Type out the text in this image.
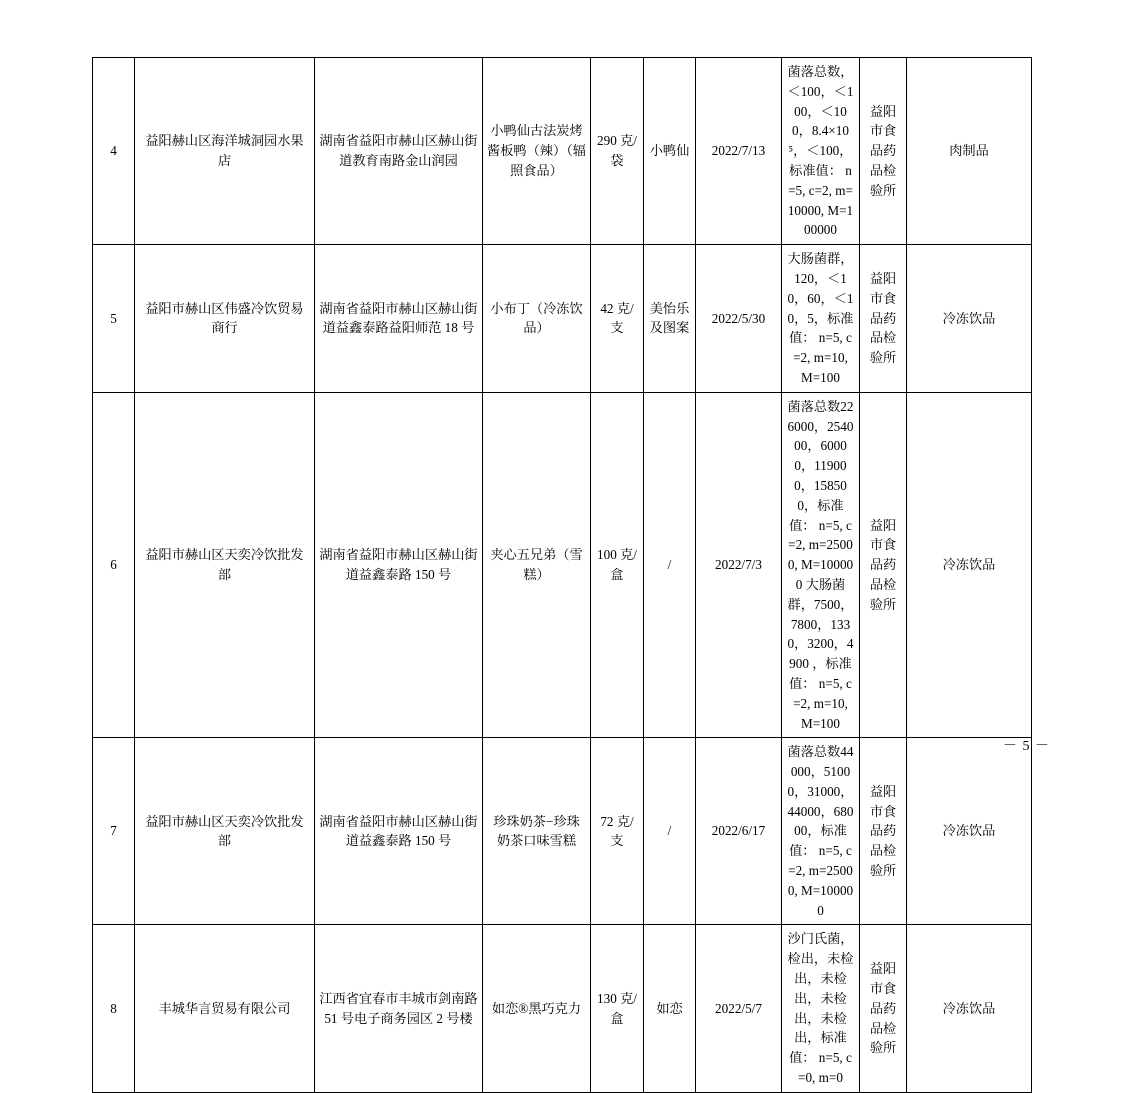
4	益阳赫山区海洋城洞园水果店	湖南省益阳市赫山区赫山街道教育南路金山润园	小鸭仙古法炭烤酱板鸭（辣）（辐照食品）	290 克/袋	小鸭仙	2022/7/13	菌落总数，＜100，＜100，＜100，8.4×10⁵，＜100，标准值： n=5, c=2, m=10000, M=100000	益阳市食品药品检验所	肉制品
5	益阳市赫山区伟盛冷饮贸易商行	湖南省益阳市赫山区赫山街道益鑫泰路益阳师范 18 号	小布丁（冷冻饮品）	42 克/支	美怡乐及图案	2022/5/30	大肠菌群，120，＜10，60，＜10，5，标准值： n=5, c=2, m=10, M=100	益阳市食品药品检验所	冷冻饮品
6	益阳市赫山区天奕冷饮批发部	湖南省益阳市赫山区赫山街道益鑫泰路 150 号	夹心五兄弟（雪糕）	100 克/盒	/	2022/7/3	菌落总数226000，254000，60000，119000，158500，标准值： n=5, c=2, m=25000, M=100000 大肠菌群，7500，7800，1330，3200，4900 ，标准值： n=5, c=2, m=10, M=100	益阳市食品药品检验所	冷冻饮品
7	益阳市赫山区天奕冷饮批发部	湖南省益阳市赫山区赫山街道益鑫泰路 150 号	珍珠奶茶−珍珠奶茶口味雪糕	72 克/支	/	2022/6/17	菌落总数44000，51000，31000，44000，68000，标准值： n=5, c=2, m=25000, M=100000	益阳市食品药品检验所	冷冻饮品
8	丰城华言贸易有限公司	江西省宜春市丰城市剑南路 51 号电子商务园区 2 号楼	如恋®黑巧克力	130 克/盒	如恋	2022/5/7	沙门氏菌，检出，未检出，未检出，未检出，未检出，标准值： n=5, c=0, m=0	益阳市食品药品检验所	冷冻饮品
－ 5 －
